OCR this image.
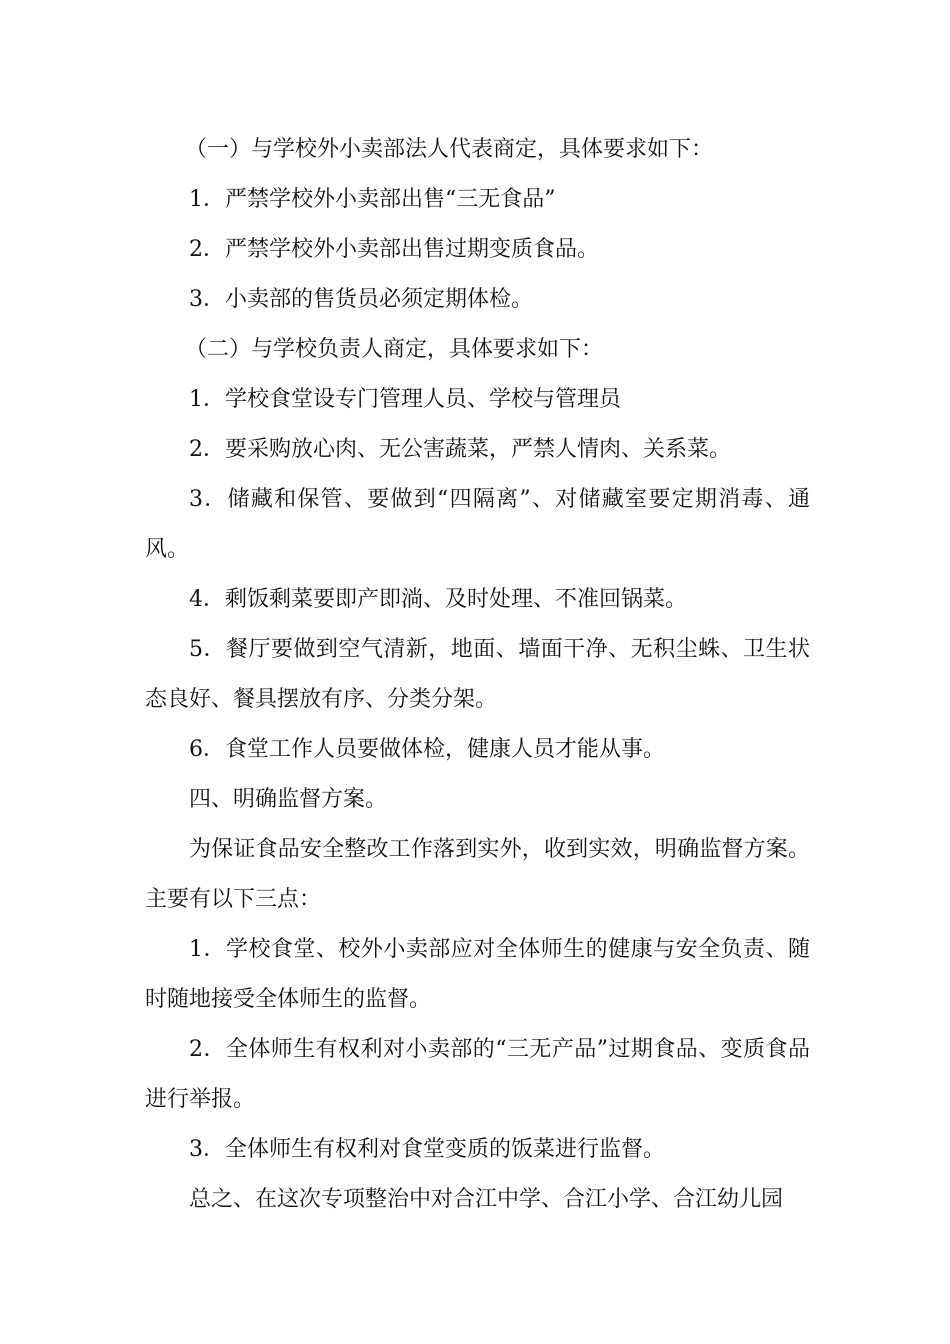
（一）与学校外小卖部法人代表商定，具体要求如下：

1．严禁学校外小卖部出售“三无食品”

2．严禁学校外小卖部出售过期变质食品。

3．小卖部的售货员必须定期体检。

（二）与学校负责人商定，具体要求如下：

1．学校食堂设专门管理人员、学校与管理员

2．要采购放心肉、无公害蔬菜，严禁人情肉、关系菜。

3．储藏和保管、要做到“四隔离”、对储藏室要定期消毒、通风。

4．剩饭剩菜要即产即淌、及时处理、不准回锅菜。

5．餐厅要做到空气清新，地面、墙面干净、无积尘蛛、卫生状态良好、餐具摆放有序、分类分架。

6．食堂工作人员要做体检，健康人员才能从事。

四、明确监督方案。

为保证食品安全整改工作落到实外，收到实效，明确监督方案。主要有以下三点：

1．学校食堂、校外小卖部应对全体师生的健康与安全负责、随时随地接受全体师生的监督。

2．全体师生有权利对小卖部的“三无产品”过期食品、变质食品进行举报。

3．全体师生有权利对食堂变质的饭菜进行监督。

总之、在这次专项整治中对合江中学、合江小学、合江幼儿园
